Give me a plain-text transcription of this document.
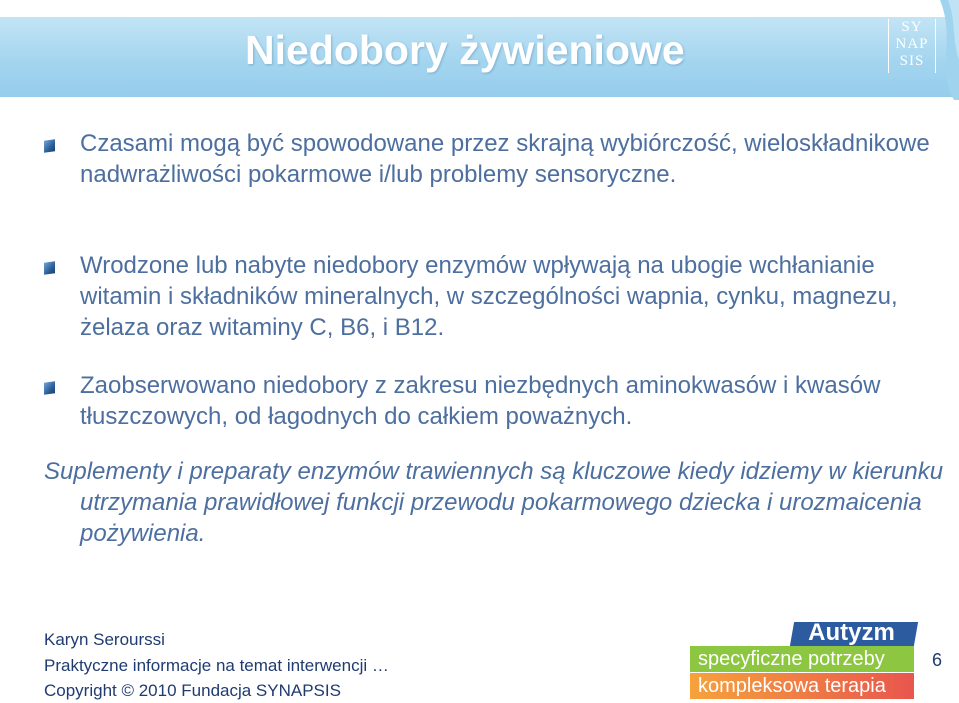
Niedobory żywieniowe	SY
NAP
SIS

Czasami mogą być spowodowane przez skrajną wybiórczość, wieloskładnikowe nadwrażliwości pokarmowe i/lub problemy sensoryczne.

Wrodzone lub nabyte niedobory enzymów wpływają na ubogie wchłanianie witamin i składników mineralnych, w szczególności wapnia, cynku, magnezu, żelaza oraz witaminy C, B6, i B12.

Zaobserwowano niedobory z zakresu niezbędnych aminokwasów i kwasów tłuszczowych, od łagodnych do całkiem poważnych.

Suplementy i preparaty enzymów trawiennych są kluczowe kiedy idziemy w kierunku utrzymania prawidłowej funkcji przewodu pokarmowego dziecka i urozmaicenia pożywienia.

Karyn Serourssi
Praktyczne informacje na temat interwencji …
Copyright © 2010 Fundacja SYNAPSIS
Autyzm
specyficzne potrzeby
kompleksowa terapia
6
